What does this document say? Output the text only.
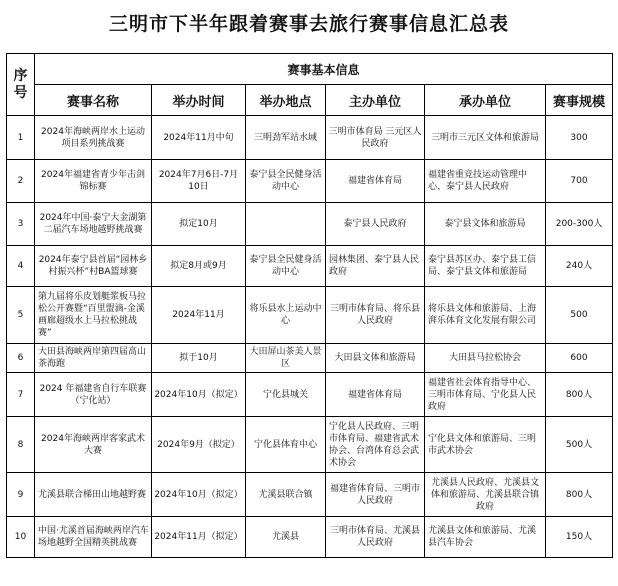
三明市下半年跟着赛事去旅行赛事信息汇总表
序号	赛事基本信息					
	赛事名称	举办时间	举办地点	主办单位	承办单位	赛事规模
1	2024年海峡两岸水上运动项目系列挑战赛	2024年11月中旬	三明劲军站水域	三明市体育局 三元区人民政府	三明市三元区文体和旅游局	300
2	2024年福建省青少年击剑锦标赛	2024年7月6日-7月10日	泰宁县全民健身活动中心	福建省体育局	福建省重竞技运动管理中心、泰宁县人民政府	700
3	2024年中国·泰宁大金湖第二届汽车场地越野挑战赛	拟定10月		泰宁县人民政府	泰宁县文体和旅游局	200-300人
4	2024年泰宁县首届“园林乡村振兴杯”村BA篮球赛	拟定8月或9月	泰宁县全民健身活动中心	园林集团、泰宁县人民政府	泰宁县苏区办、泰宁县工信局、泰宁县文体和旅游局	240人
5	第九届将乐皮划艇浆板马拉松公开赛暨“百里盟滴-金溪画廊超级水上马拉松挑战赛”	2024年11月	将乐县水上运动中心	三明市体育局、将乐县人民政府	将乐县文体和旅游局、上海湃乐体育文化发展有限公司	500
6	大田县海峡两岸第四届高山茶海跑	拟于10月	大田屏山茶美人景区	大田县文体和旅游局	大田县马拉松协会	600
7	2024 年福建省自行车联赛（宁化站）	2024年10月（拟定）	宁化县城关	福建省体育局	福建省社会体育指导中心、三明市体育局、宁化县人民政府	800人
8	2024年海峡两岸客家武术大赛	2024年9月（拟定）	宁化县体育中心	宁化县人民政府、三明市体育局、福建省武术协会、台湾体育总会武术协会	宁化县文体和旅游局、三明市武术协会	500人
9	尤溪县联合梯田山地越野赛	2024年10月（拟定）	尤溪县联合镇	福建省体育局、三明市人民政府	尤溪县人民政府、尤溪县文体和旅游局、尤溪县联合镇政府	800人
10	中国·尤溪首届海峡两岸汽车场地越野全国精英挑战赛	2024年11月（拟定）	尤溪县	三明市体育局、尤溪县人民政府	尤溪县文体和旅游局、尤溪县汽车协会	150人
